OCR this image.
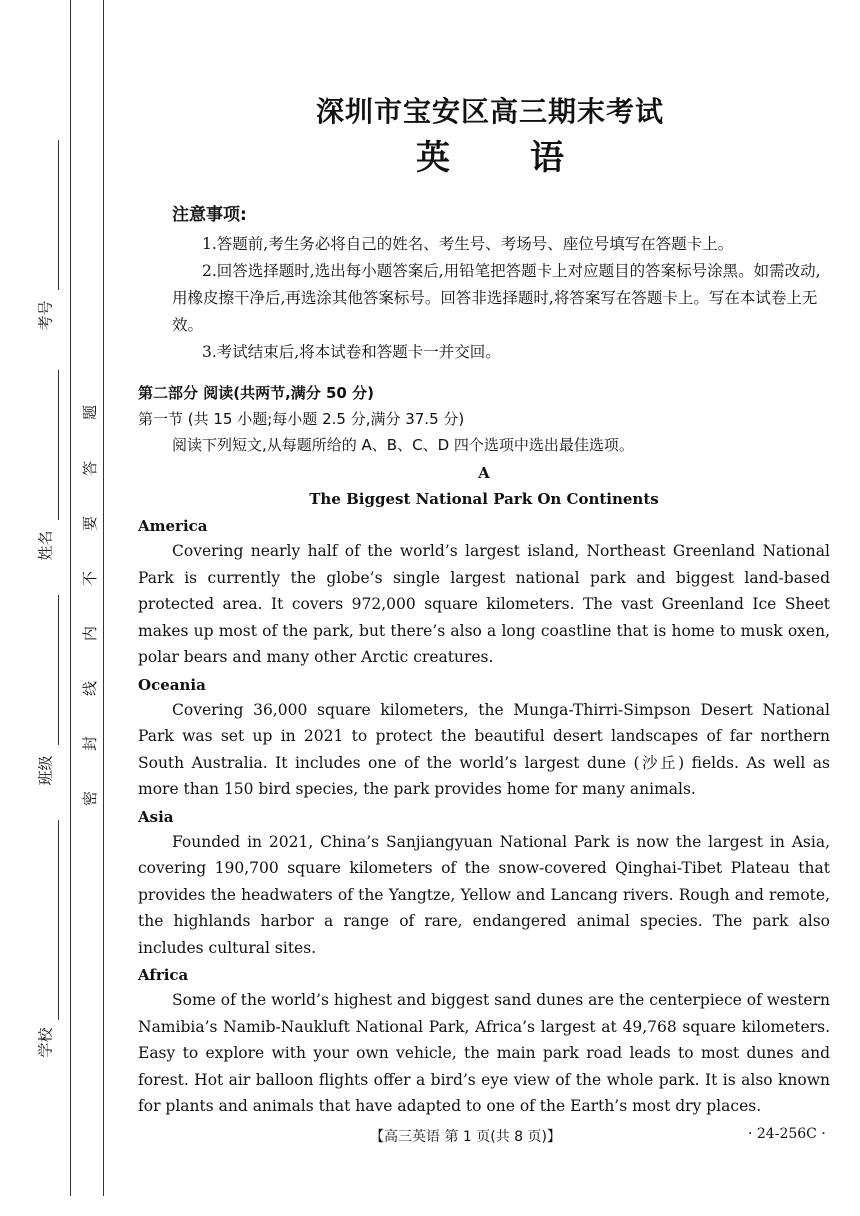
考号
姓名
班级
学校
题
答
要
不
内
线
封
密
深圳市宝安区高三期末考试
英 语
注意事项:

1.答题前,考生务必将自己的姓名、考生号、考场号、座位号填写在答题卡上。

2.回答选择题时,选出每小题答案后,用铅笔把答题卡上对应题目的答案标号涂黑。如需改动,用橡皮擦干净后,再选涂其他答案标号。回答非选择题时,将答案写在答题卡上。写在本试卷上无效。

3.考试结束后,将本试卷和答题卡一并交回。

第二部分 阅读(共两节,满分 50 分)
第一节 (共 15 小题;每小题 2.5 分,满分 37.5 分)
阅读下列短文,从每题所给的 A、B、C、D 四个选项中选出最佳选项。
A
The Biggest National Park On Continents
America

Covering nearly half of the world’s largest island, Northeast Greenland National Park is currently the globe’s single largest national park and biggest land-based protected area. It covers 972,000 square kilometers. The vast Greenland Ice Sheet makes up most of the park, but there’s also a long coastline that is home to musk oxen, polar bears and many other Arctic creatures.

Oceania

Covering 36,000 square kilometers, the Munga-Thirri-Simpson Desert National Park was set up in 2021 to protect the beautiful desert landscapes of far northern South Australia. It includes one of the world’s largest dune (沙丘) fields. As well as more than 150 bird species, the park provides home for many animals.

Asia

Founded in 2021, China’s Sanjiangyuan National Park is now the largest in Asia, covering 190,700 square kilometers of the snow-covered Qinghai-Tibet Plateau that provides the headwaters of the Yangtze, Yellow and Lancang rivers. Rough and remote, the highlands harbor a range of rare, endangered animal species. The park also includes cultural sites.

Africa

Some of the world’s highest and biggest sand dunes are the centerpiece of western Namibia’s Namib-Naukluft National Park, Africa’s largest at 49,768 square kilometers. Easy to explore with your own vehicle, the main park road leads to most dunes and forest. Hot air balloon flights offer a bird’s eye view of the whole park. It is also known for plants and animals that have adapted to one of the Earth’s most dry places.

【高三英语 第 1 页(共 8 页)】	· 24-256C ·
